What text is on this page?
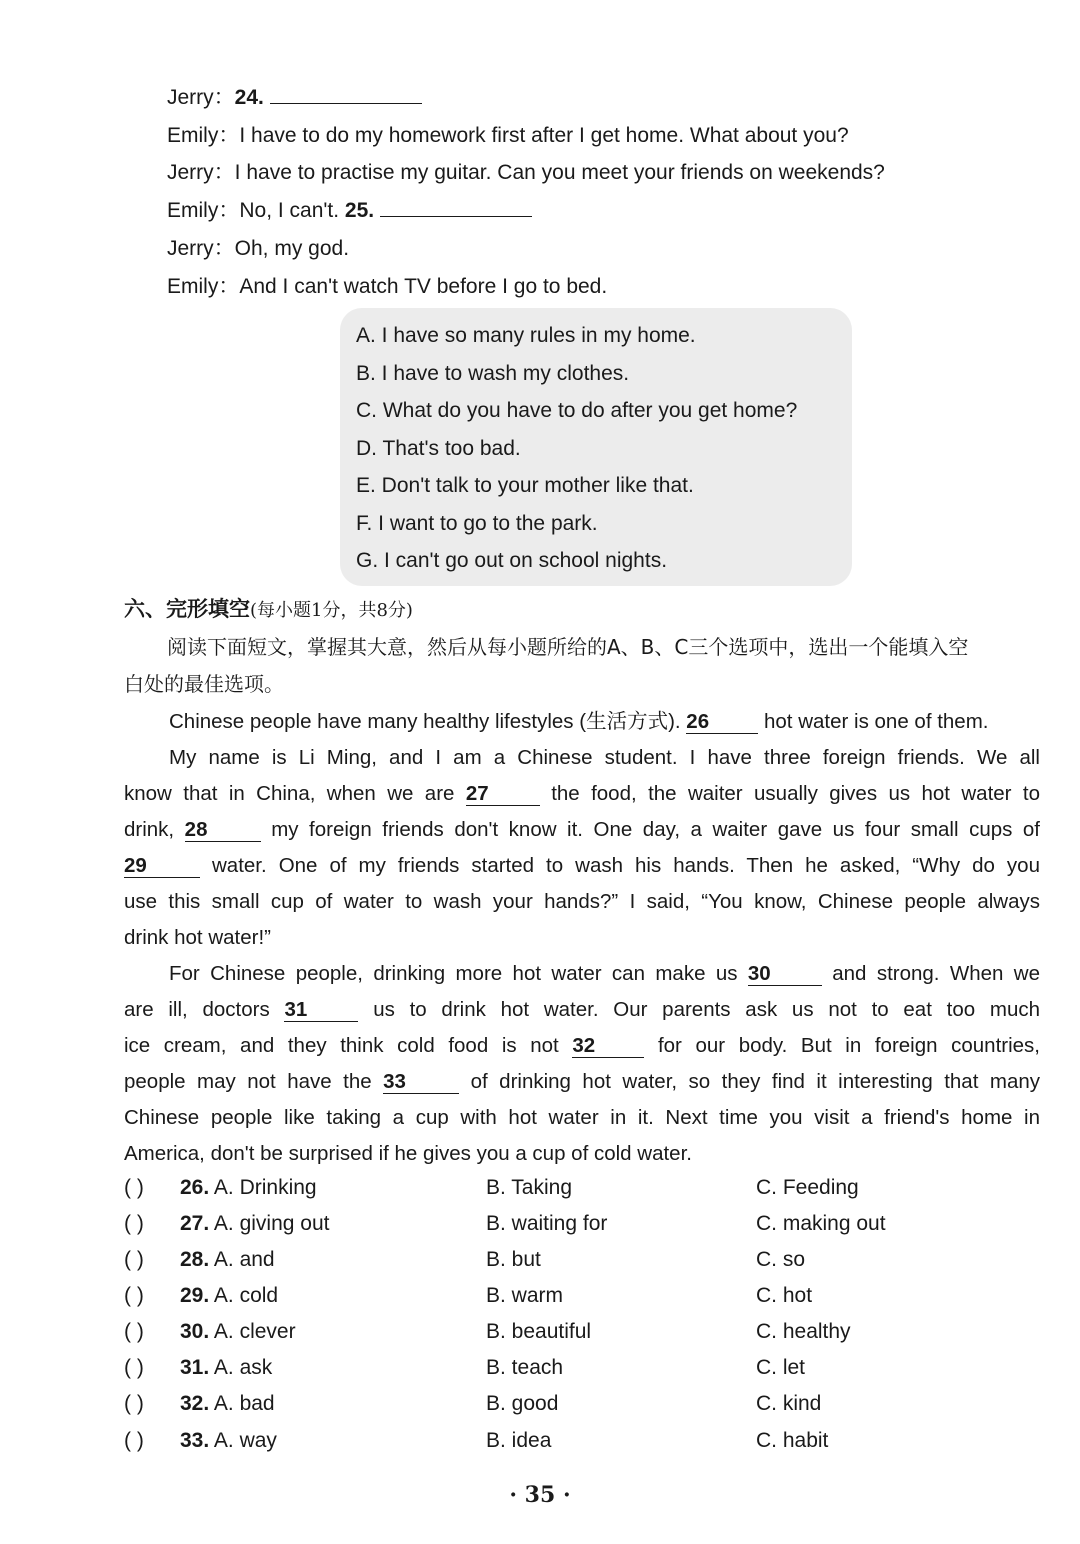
Jerry：24.
Emily：I have to do my homework first after I get home. What about you?
Jerry：I have to practise my guitar. Can you meet your friends on weekends?
Emily：No, I can't. 25.
Jerry：Oh, my god.
Emily：And I can't watch TV before I go to bed.
A. I have so many rules in my home.
B. I have to wash my clothes.
C. What do you have to do after you get home?
D. That's too bad.
E. Don't talk to your mother like that.
F. I want to go to the park.
G. I can't go out on school nights.
六、完形填空(每小题1分，共8分)
阅读下面短文，掌握其大意，然后从每小题所给的A、B、C三个选项中，选出一个能填入空
白处的最佳选项。

Chinese people have many healthy lifestyles (生活方式). 26	hot water is one of them.

My name is Li Ming, and I am a Chinese student. I have three foreign friends. We all

know that in China, when we are 27	the food, the waiter usually gives us hot water to

drink, 28	my foreign friends don't know it. One day, a waiter gave us four small cups of

29	water. One of my friends started to wash his hands. Then he asked, “Why do you

use this small cup of water to wash your hands?” I said, “You know, Chinese people always

drink hot water!”

For Chinese people, drinking more hot water can make us 30	and strong. When we

are ill, doctors 31	us to drink hot water. Our parents ask us not to eat too much

ice cream, and they think cold food is not 32	for our body. But in foreign countries,

people may not have the 33	of drinking hot water, so they find it interesting that many

Chinese people like taking a cup with hot water in it. Next time you visit a friend's home in

America, don't be surprised if he gives you a cup of cold water.

( ) 26. A. Drinking	B. Taking	C. Feeding
( ) 27. A. giving out	B. waiting for	C. making out
( ) 28. A. and	B. but	C. so
( ) 29. A. cold	B. warm	C. hot
( ) 30. A. clever	B. beautiful	C. healthy
( ) 31. A. ask	B. teach	C. let
( ) 32. A. bad	B. good	C. kind
( ) 33. A. way	B. idea	C. habit
· 35 ·
